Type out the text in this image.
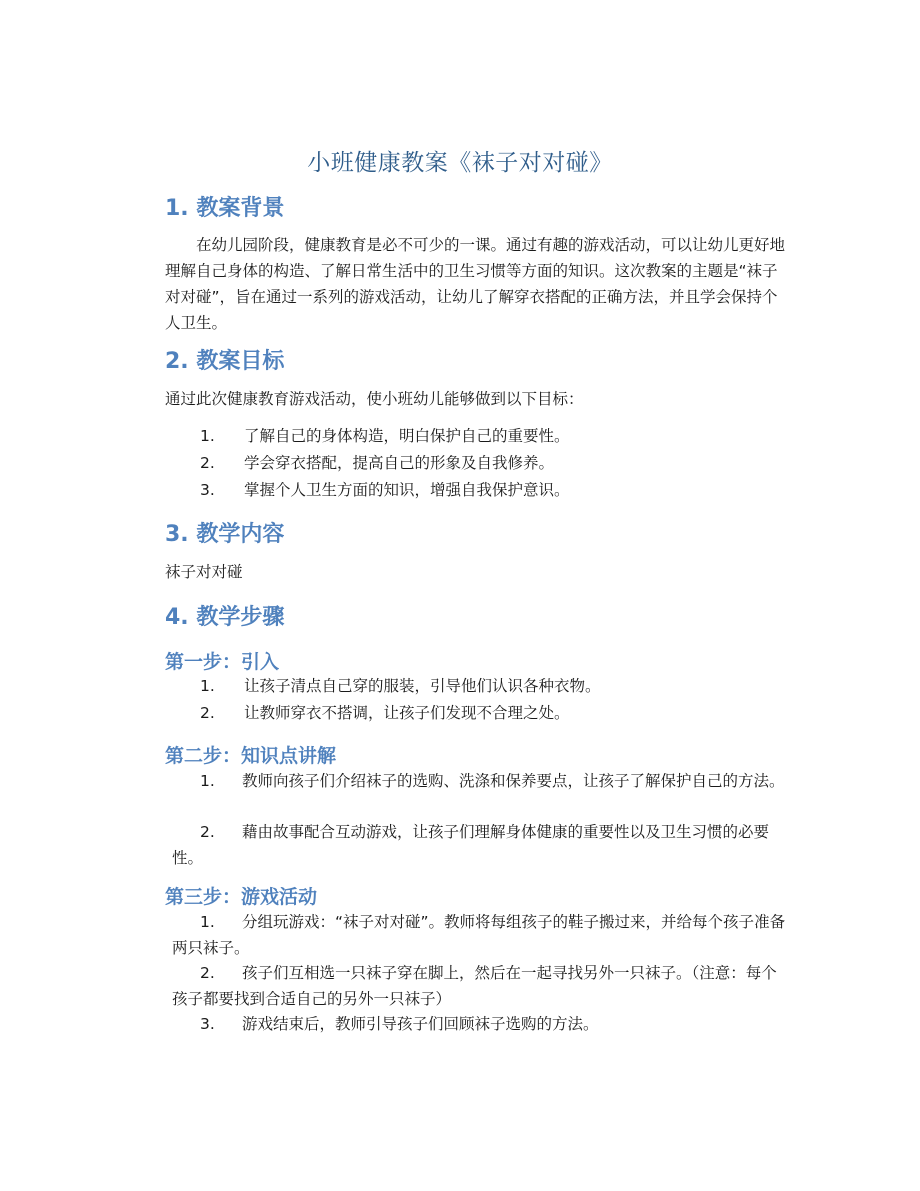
小班健康教案《袜子对对碰》
1. 教案背景
在幼儿园阶段，健康教育是必不可少的一课。通过有趣的游戏活动，可以让幼儿更好地理解自己身体的构造、了解日常生活中的卫生习惯等方面的知识。这次教案的主题是“袜子对对碰”，旨在通过一系列的游戏活动，让幼儿了解穿衣搭配的正确方法，并且学会保持个人卫生。
2. 教案目标
通过此次健康教育游戏活动，使小班幼儿能够做到以下目标：
1. 了解自己的身体构造，明白保护自己的重要性。
2. 学会穿衣搭配，提高自己的形象及自我修养。
3. 掌握个人卫生方面的知识，增强自我保护意识。
3. 教学内容
袜子对对碰
4. 教学步骤
第一步：引入
1. 让孩子清点自己穿的服装，引导他们认识各种衣物。
2. 让教师穿衣不搭调，让孩子们发现不合理之处。
第二步：知识点讲解
1. 教师向孩子们介绍袜子的选购、洗涤和保养要点，让孩子了解保护自己的方法。
2. 藉由故事配合互动游戏，让孩子们理解身体健康的重要性以及卫生习惯的必要性。
第三步：游戏活动
1. 分组玩游戏：“袜子对对碰”。教师将每组孩子的鞋子搬过来，并给每个孩子准备两只袜子。
2. 孩子们互相选一只袜子穿在脚上，然后在一起寻找另外一只袜子。（注意：每个孩子都要找到合适自己的另外一只袜子）
3. 游戏结束后，教师引导孩子们回顾袜子选购的方法。
